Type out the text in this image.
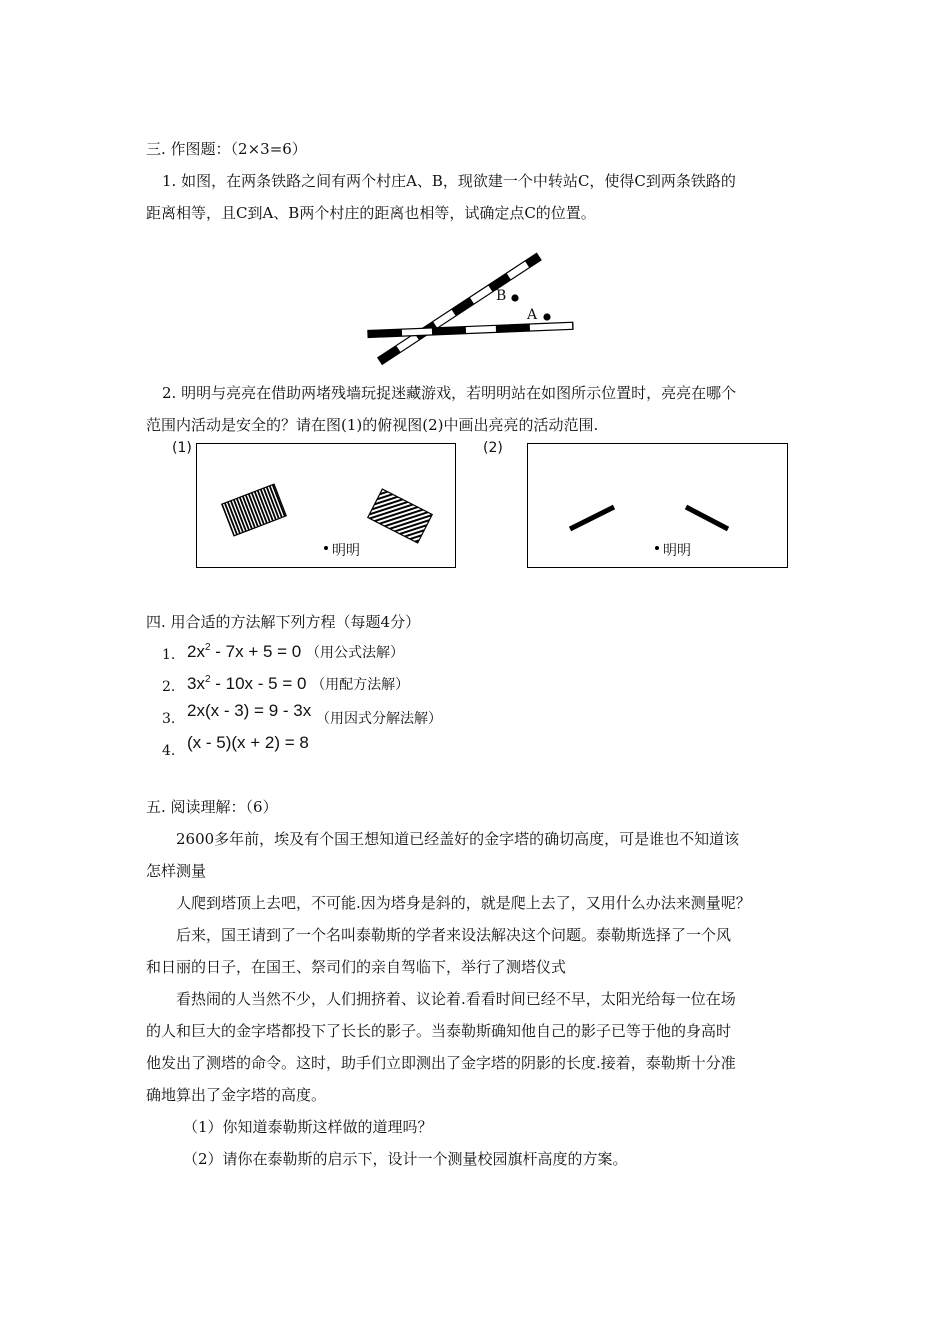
三. 作图题：（2×3=6）
1. 如图，在两条铁路之间有两个村庄A、B，现欲建一个中转站C，使得C到两条铁路的
距离相等，且C到A、B两个村庄的距离也相等，试确定点C的位置。
B
A
2. 明明与亮亮在借助两堵残墙玩捉迷藏游戏，若明明站在如图所示位置时，亮亮在哪个
范围内活动是安全的？请在图(1)的俯视图(2)中画出亮亮的活动范围.
(1)
明明
(2)
明明
四. 用合适的方法解下列方程（每题4分）
1. $2x^2 - 7x + 5 = 0$ （用公式法解）
2. $3x^2 - 10x - 5 = 0$ （用配方法解）
3. 2x(x - 3) = 9 - 3x $_{(用因式分解法解)}$
4. (x - 5)(x + 2) = 8
五. 阅读理解：（6）
2600多年前，埃及有个国王想知道已经盖好的金字塔的确切高度，可是谁也不知道该
怎样测量
人爬到塔顶上去吧，不可能.因为塔身是斜的，就是爬上去了，又用什么办法来测量呢？
后来，国王请到了一个名叫泰勒斯的学者来设法解决这个问题。泰勒斯选择了一个风
和日丽的日子，在国王、祭司们的亲自驾临下，举行了测塔仪式
看热闹的人当然不少，人们拥挤着、议论着.看看时间已经不早，太阳光给每一位在场
的人和巨大的金字塔都投下了长长的影子。当泰勒斯确知他自己的影子已等于他的身高时
他发出了测塔的命令。这时，助手们立即测出了金字塔的阴影的长度.接着，泰勒斯十分准
确地算出了金字塔的高度。
（1）你知道泰勒斯这样做的道理吗？
（2）请你在泰勒斯的启示下，设计一个测量校园旗杆高度的方案。
